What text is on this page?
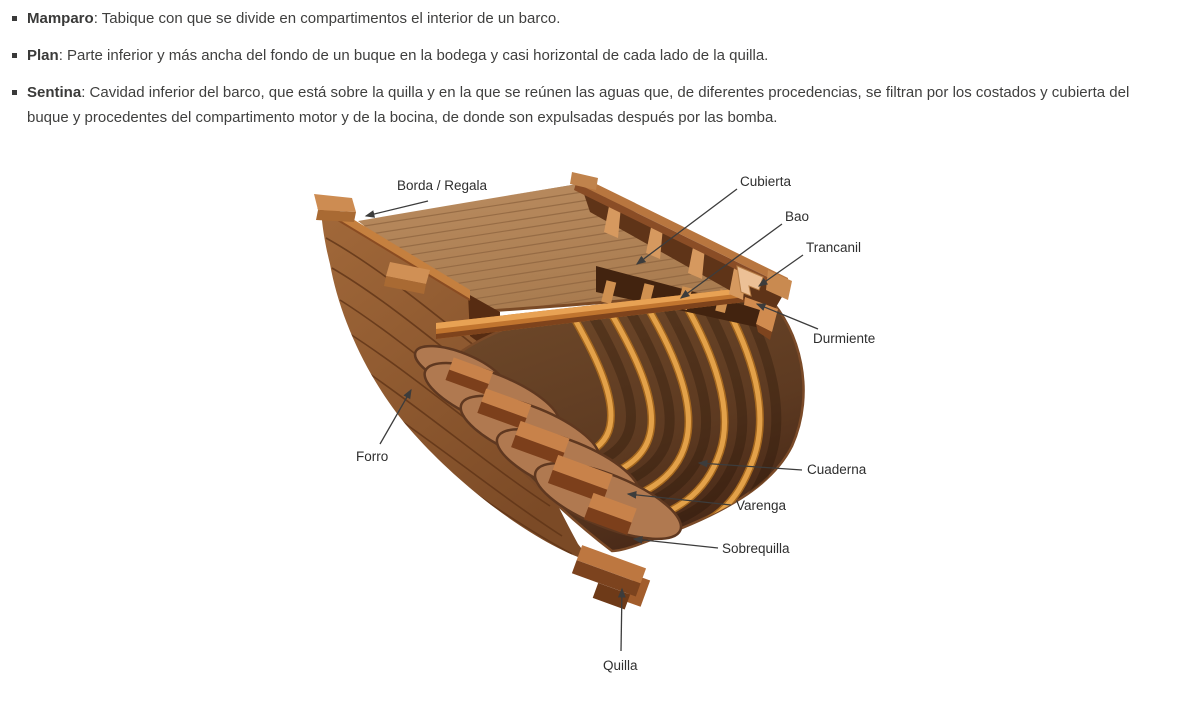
Borda / Regala	Cubierta
Bao
Trancanil
Durmiente
Forro
Cuaderna
Varenga
Sobrequilla
Quilla
Mamparo: Tabique con que se divide en compartimentos el interior de un barco.
Plan: Parte inferior y más ancha del fondo de un buque en la bodega y casi horizontal de cada lado de la quilla.
Sentina: Cavidad inferior del barco, que está sobre la quilla y en la que se reúnen las aguas que, de diferentes procedencias, se filtran por los costados y cubierta del buque y procedentes del compartimento motor y de la bocina, de donde son expulsadas después por las bomba.
